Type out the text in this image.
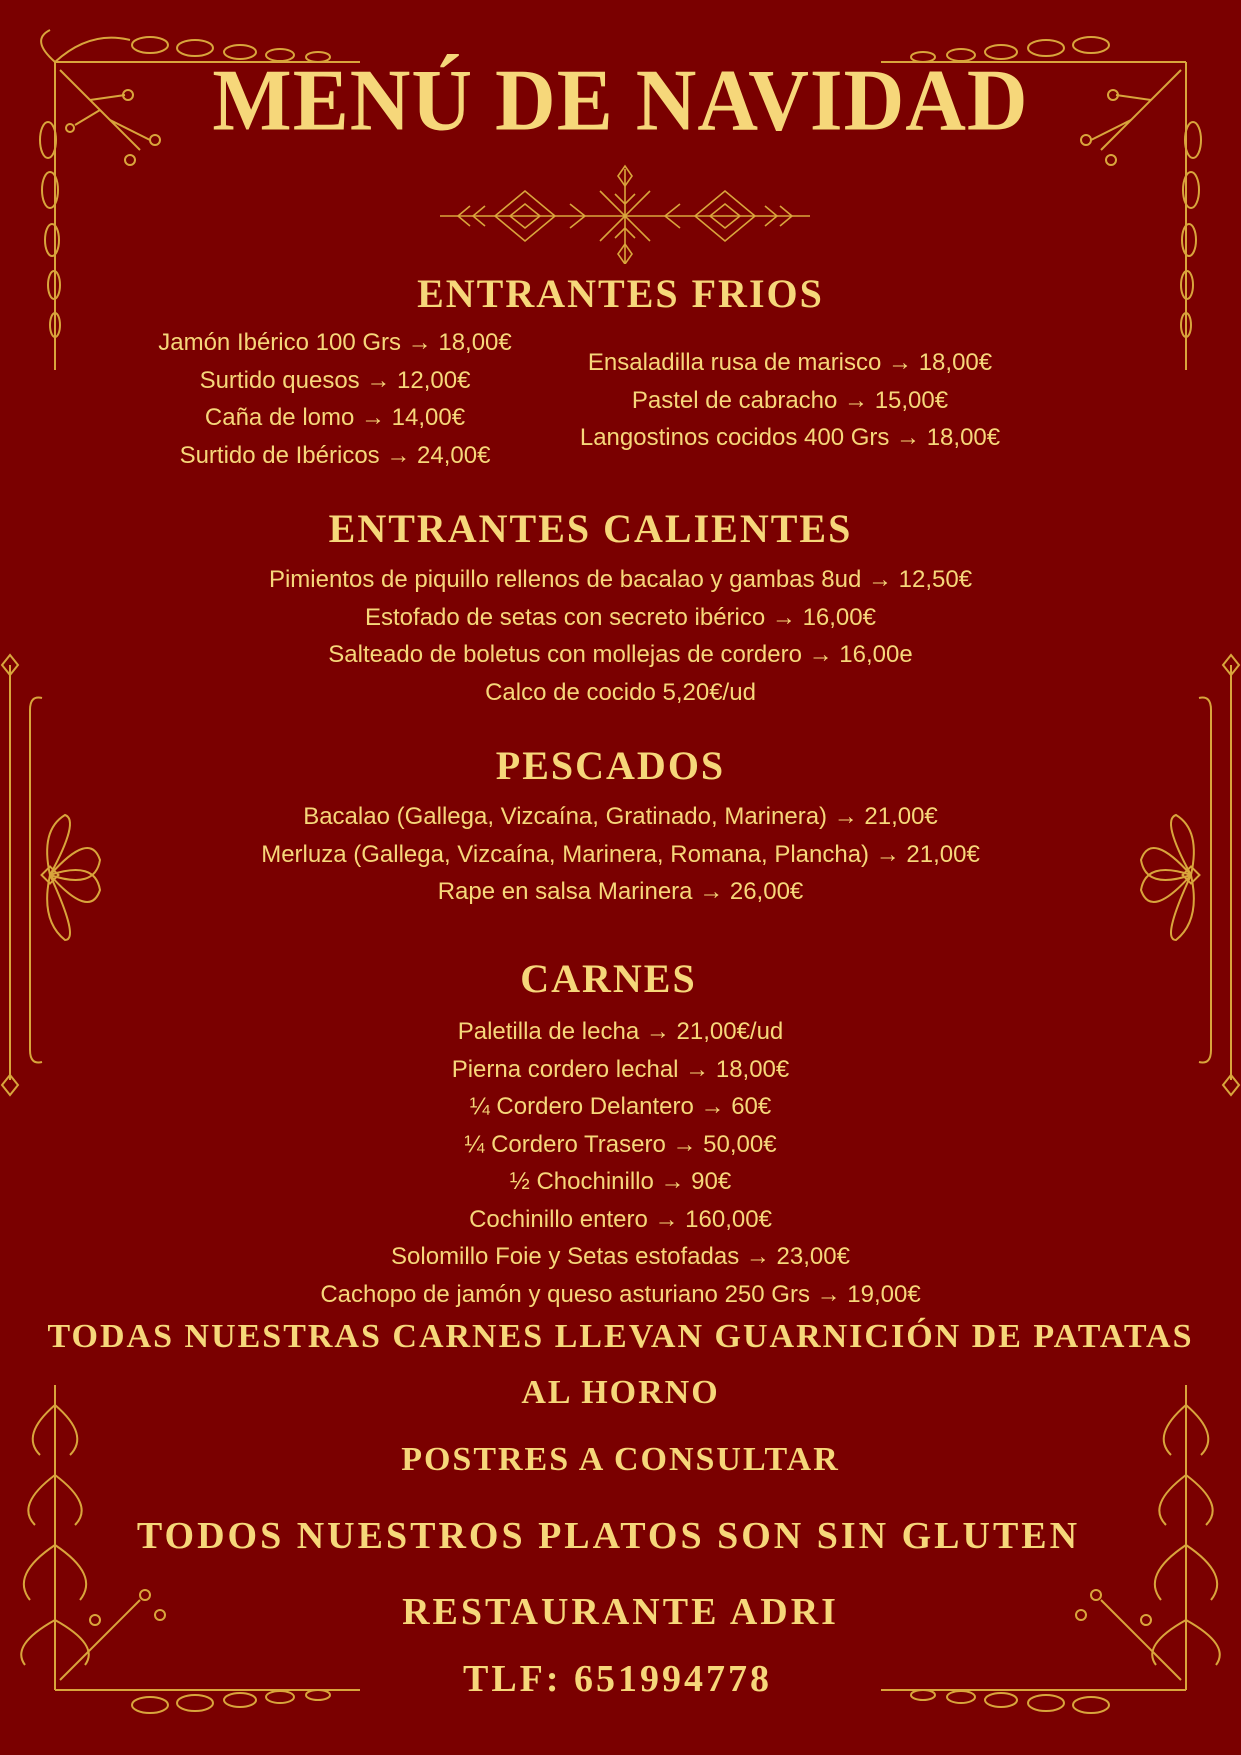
MENÚ DE NAVIDAD
ENTRANTES FRIOS
Jamón Ibérico 100 Grs → 18,00€
Surtido quesos → 12,00€
Caña de lomo → 14,00€
Surtido de Ibéricos → 24,00€
Ensaladilla rusa de marisco → 18,00€
Pastel de cabracho → 15,00€
Langostinos cocidos 400 Grs → 18,00€
ENTRANTES CALIENTES
Pimientos de piquillo rellenos de bacalao y gambas 8ud → 12,50€
Estofado de setas con secreto ibérico → 16,00€
Salteado de boletus con mollejas de cordero → 16,00e
Calco de cocido 5,20€/ud
PESCADOS
Bacalao (Gallega, Vizcaína, Gratinado, Marinera) → 21,00€
Merluza (Gallega, Vizcaína, Marinera, Romana, Plancha) → 21,00€
Rape en salsa Marinera → 26,00€
CARNES
Paletilla de lecha → 21,00€/ud
Pierna cordero lechal → 18,00€
¼ Cordero Delantero → 60€
¼ Cordero Trasero → 50,00€
½ Chochinillo → 90€
Cochinillo entero → 160,00€
Solomillo Foie y Setas estofadas → 23,00€
Cachopo de jamón y queso asturiano 250 Grs → 19,00€
TODAS NUESTRAS CARNES LLEVAN GUARNICIÓN DE PATATAS
AL HORNO
POSTRES A CONSULTAR
TODOS NUESTROS PLATOS SON SIN GLUTEN
RESTAURANTE ADRI
TLF: 651994778
